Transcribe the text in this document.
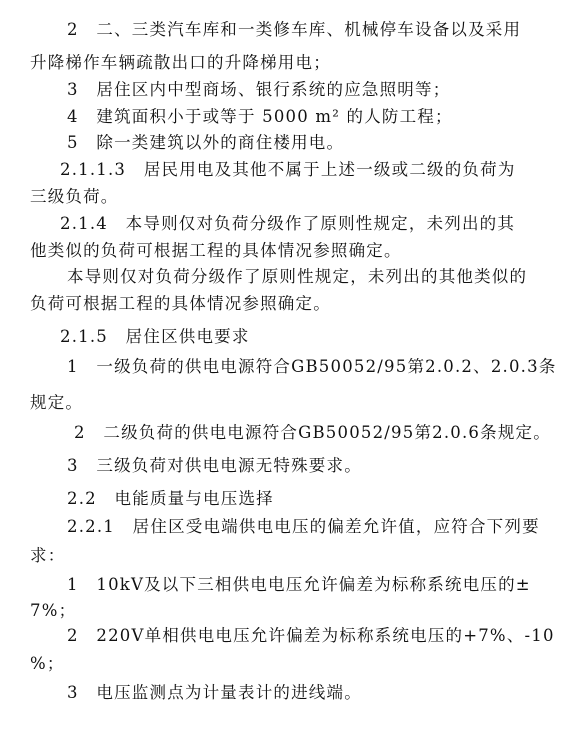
2　二、三类汽车库和一类修车库、机械停车设备以及采用
升降梯作车辆疏散出口的升降梯用电；
3　居住区内中型商场、银行系统的应急照明等；
4　建筑面积小于或等于 5000 m² 的人防工程；
5　除一类建筑以外的商住楼用电。
2.1.1.3　居民用电及其他不属于上述一级或二级的负荷为
三级负荷。
2.1.4　本导则仅对负荷分级作了原则性规定，未列出的其
他类似的负荷可根据工程的具体情况参照确定。
本导则仅对负荷分级作了原则性规定，未列出的其他类似的
负荷可根据工程的具体情况参照确定。
2.1.5　居住区供电要求
1　一级负荷的供电电源符合GB50052/95第2.0.2、2.0.3条
规定。
2　二级负荷的供电电源符合GB50052/95第2.0.6条规定。
3　三级负荷对供电电源无特殊要求。
2.2　电能质量与电压选择
2.2.1　居住区受电端供电电压的偏差允许值，应符合下列要
求：
1　10kV及以下三相供电电压允许偏差为标称系统电压的±
7%；
2　220V单相供电电压允许偏差为标称系统电压的+7%、-10
%；
3　电压监测点为计量表计的进线端。
